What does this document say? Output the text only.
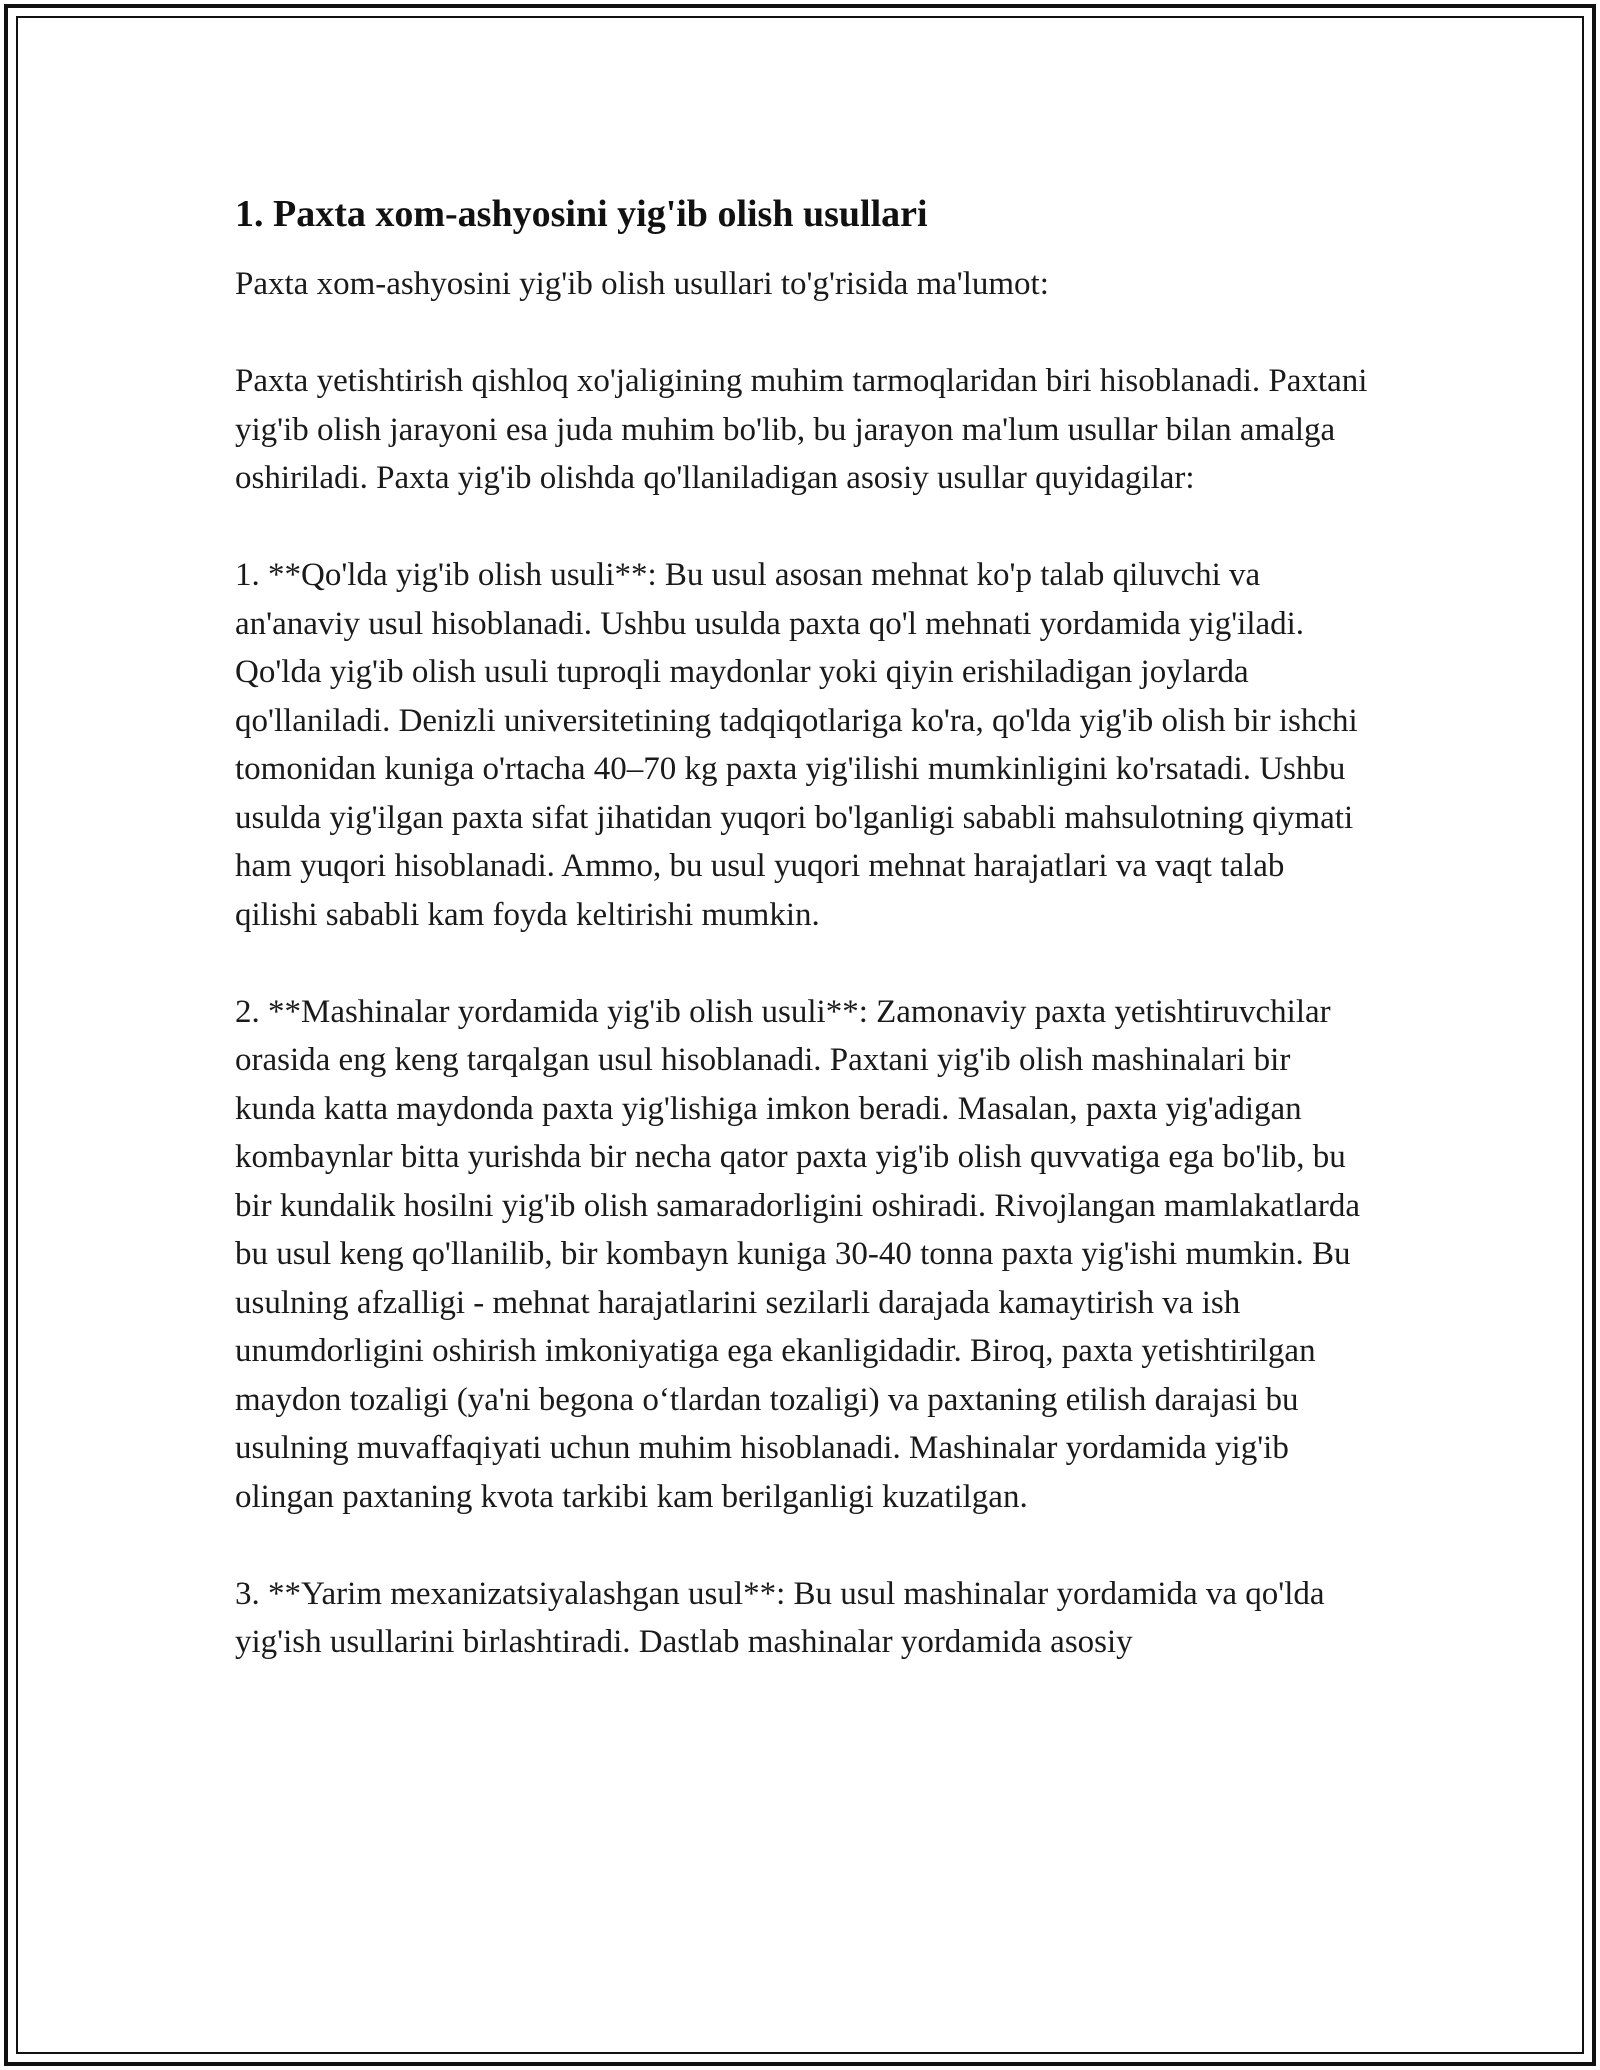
1. Paxta xom-ashyosini yig'ib olish usullari

Paxta xom-ashyosini yig'ib olish usullari to'g'risida ma'lumot:

Paxta yetishtirish qishloq xo'jaligining muhim tarmoqlaridan biri hisoblanadi. Paxtani yig'ib olish jarayoni esa juda muhim bo'lib, bu jarayon ma'lum usullar bilan amalga oshiriladi. Paxta yig'ib olishda qo'llaniladigan asosiy usullar quyidagilar:

1. **Qo'lda yig'ib olish usuli**: Bu usul asosan mehnat ko'p talab qiluvchi va an'anaviy usul hisoblanadi. Ushbu usulda paxta qo'l mehnati yordamida yig'iladi. Qo'lda yig'ib olish usuli tuproqli maydonlar yoki qiyin erishiladigan joylarda qo'llaniladi. Denizli universitetining tadqiqotlariga ko'ra, qo'lda yig'ib olish bir ishchi tomonidan kuniga o'rtacha 40–70 kg paxta yig'ilishi mumkinligini ko'rsatadi. Ushbu usulda yig'ilgan paxta sifat jihatidan yuqori bo'lganligi sababli mahsulotning qiymati ham yuqori hisoblanadi. Ammo, bu usul yuqori mehnat harajatlari va vaqt talab qilishi sababli kam foyda keltirishi mumkin.

2. **Mashinalar yordamida yig'ib olish usuli**: Zamonaviy paxta yetishtiruvchilar orasida eng keng tarqalgan usul hisoblanadi. Paxtani yig'ib olish mashinalari bir kunda katta maydonda paxta yig'lishiga imkon beradi. Masalan, paxta yig'adigan kombaynlar bitta yurishda bir necha qator paxta yig'ib olish quvvatiga ega bo'lib, bu bir kundalik hosilni yig'ib olish samaradorligini oshiradi. Rivojlangan mamlakatlarda bu usul keng qo'llanilib, bir kombayn kuniga 30-40 tonna paxta yig'ishi mumkin. Bu usulning afzalligi - mehnat harajatlarini sezilarli darajada kamaytirish va ish unumdorligini oshirish imkoniyatiga ega ekanligidadir. Biroq, paxta yetishtirilgan maydon tozaligi (ya'ni begona o‘tlardan tozaligi) va paxtaning etilish darajasi bu usulning muvaffaqiyati uchun muhim hisoblanadi. Mashinalar yordamida yig'ib olingan paxtaning kvota tarkibi kam berilganligi kuzatilgan.

3. **Yarim mexanizatsiyalashgan usul**: Bu usul mashinalar yordamida va qo'lda yig'ish usullarini birlashtiradi. Dastlab mashinalar yordamida asosiy
